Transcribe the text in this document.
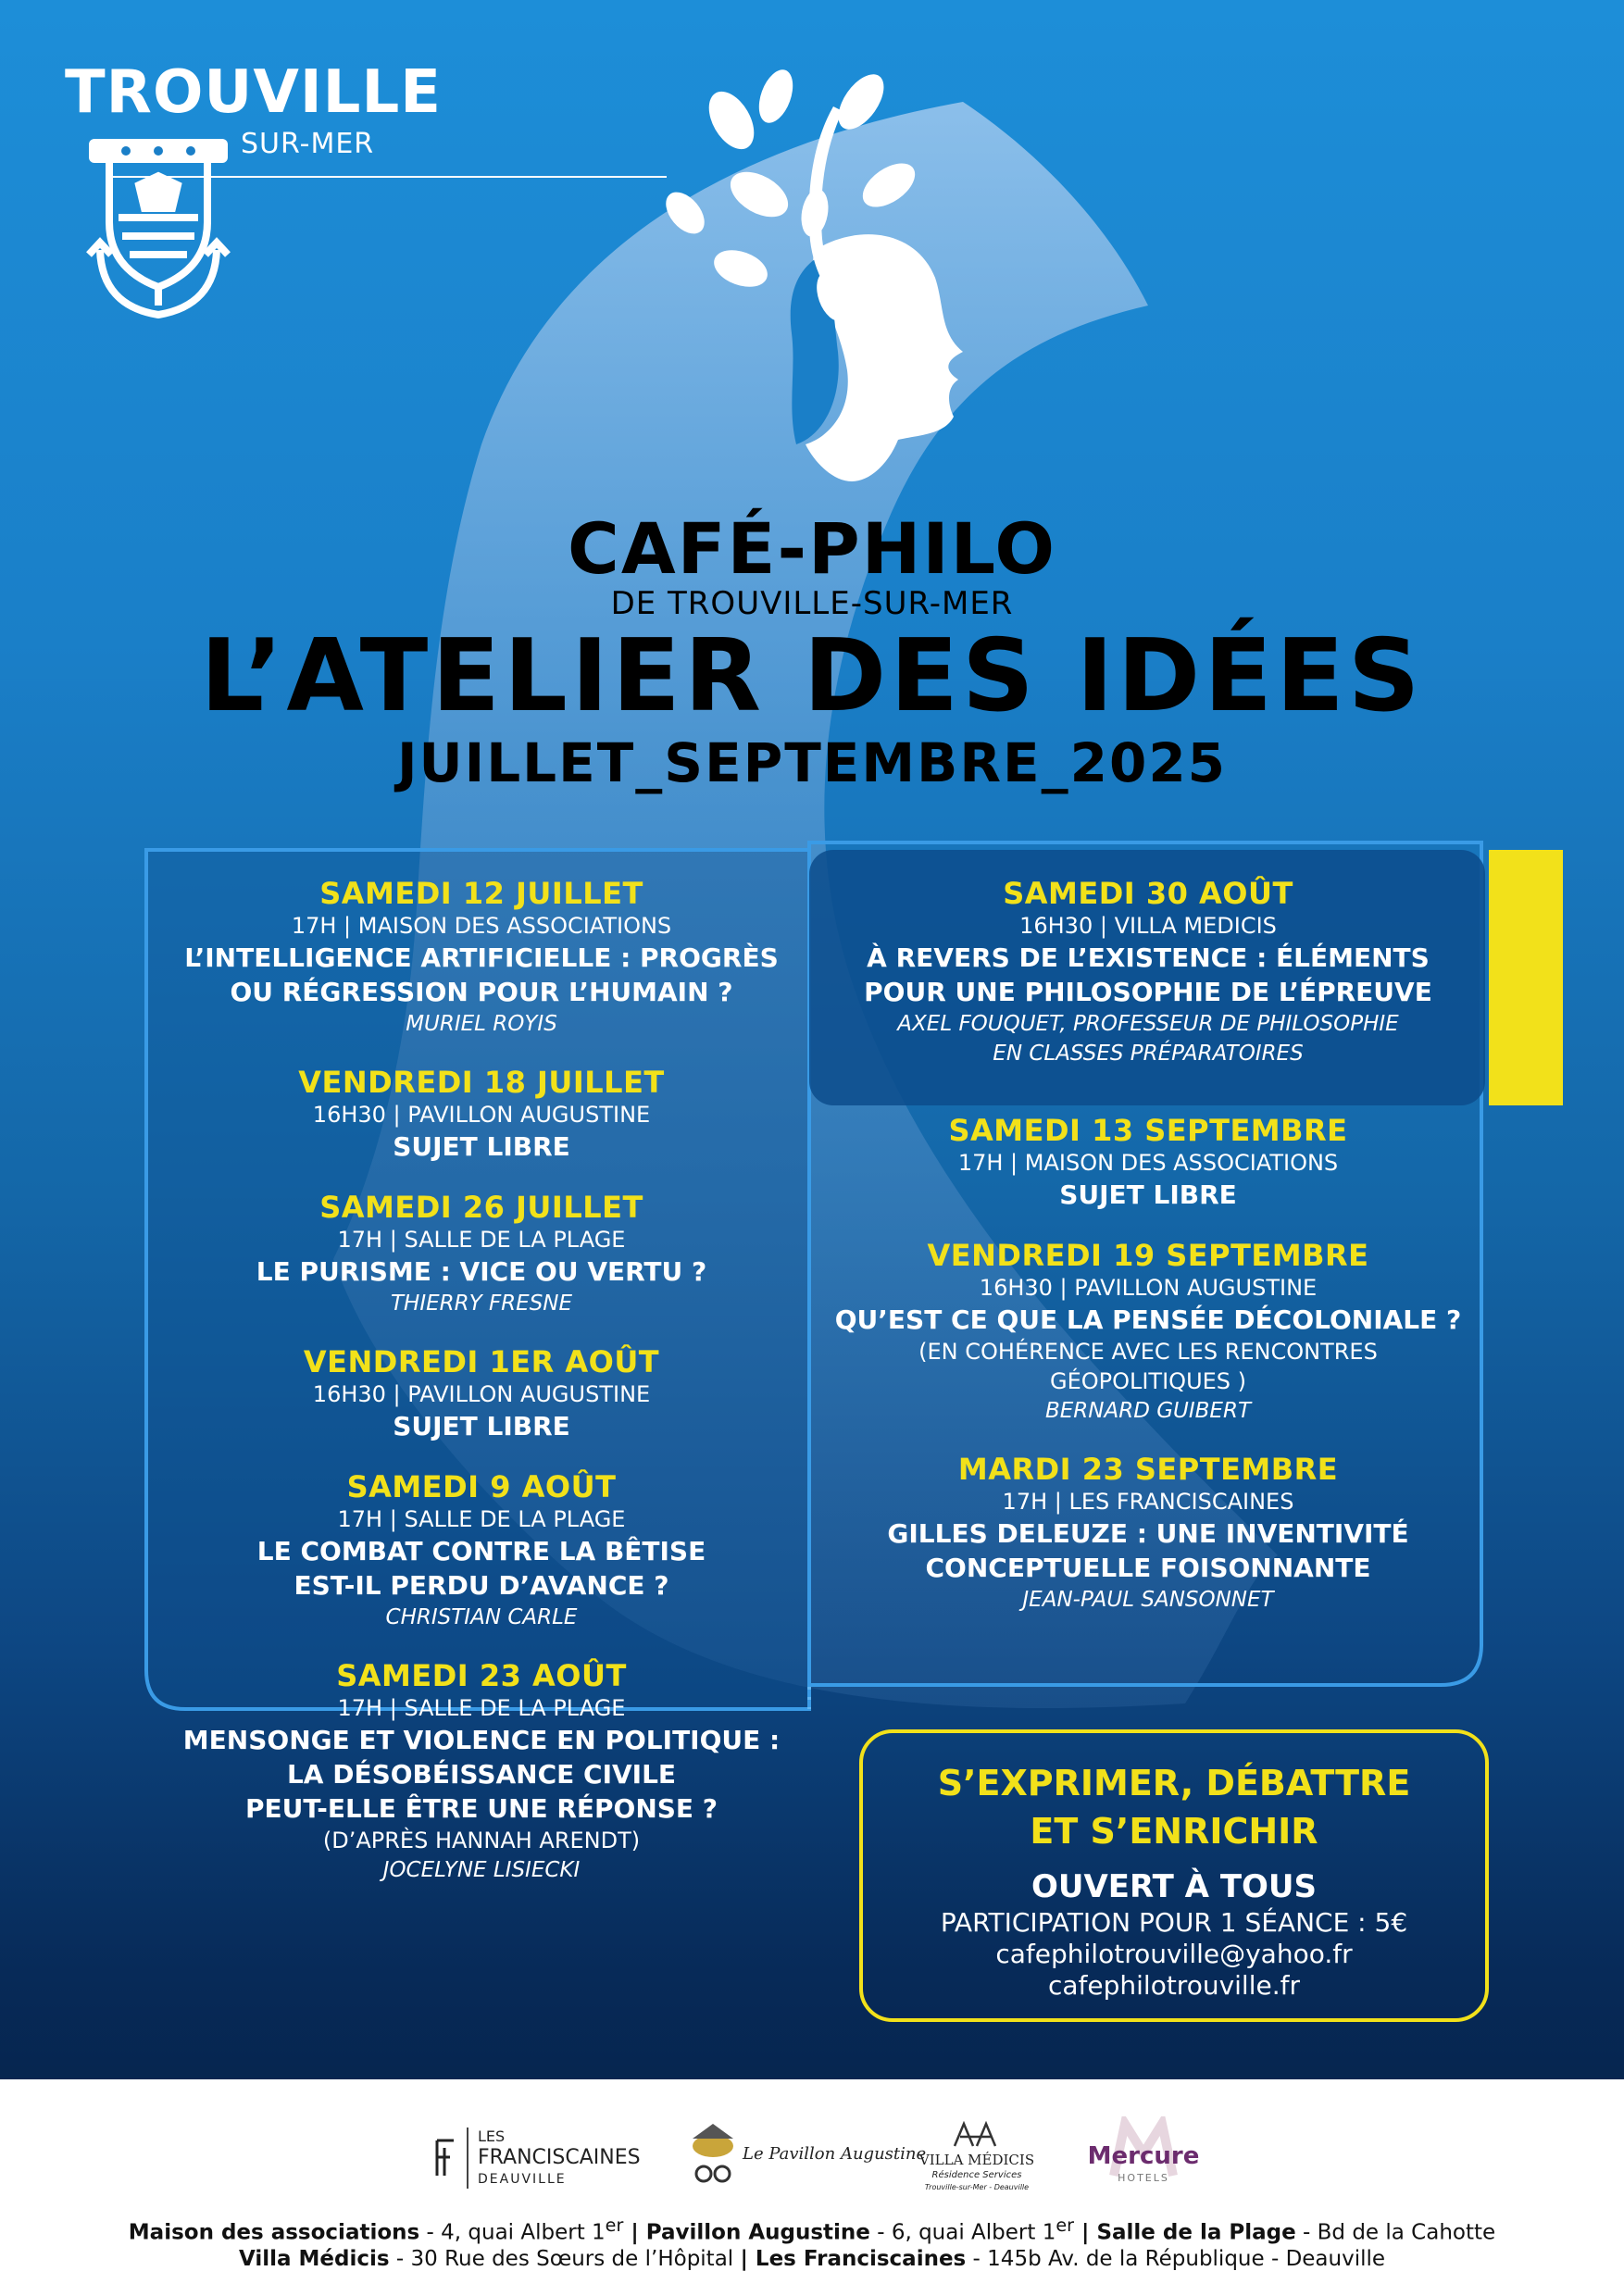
TROUVILLE
SUR-MER
CAFÉ-PHILO
DE TROUVILLE-SUR-MER
L’ATELIER DES IDÉES
JUILLET_SEPTEMBRE_2025
SAMEDI 12 JUILLET
17H | MAISON DES ASSOCIATIONS
L’INTELLIGENCE ARTIFICIELLE : PROGRÈS
OU RÉGRESSION POUR L’HUMAIN ?
MURIEL ROYIS
VENDREDI 18 JUILLET
16H30 | PAVILLON AUGUSTINE
SUJET LIBRE
SAMEDI 26 JUILLET
17H | SALLE DE LA PLAGE
LE PURISME : VICE OU VERTU ?
THIERRY FRESNE
VENDREDI 1ER AOÛT
16H30 | PAVILLON AUGUSTINE
SUJET LIBRE
SAMEDI 9 AOÛT
17H | SALLE DE LA PLAGE
LE COMBAT CONTRE LA BÊTISE
EST-IL PERDU D’AVANCE ?
CHRISTIAN CARLE
SAMEDI 23 AOÛT
17H | SALLE DE LA PLAGE
MENSONGE ET VIOLENCE EN POLITIQUE :
LA DÉSOBÉISSANCE CIVILE
PEUT-ELLE ÊTRE UNE RÉPONSE ?
(D’APRÈS HANNAH ARENDT)
JOCELYNE LISIECKI
SAMEDI 30 AOÛT
16H30 | VILLA MEDICIS
À REVERS DE L’EXISTENCE : ÉLÉMENTS
POUR UNE PHILOSOPHIE DE L’ÉPREUVE
AXEL FOUQUET, PROFESSEUR DE PHILOSOPHIE
EN CLASSES PRÉPARATOIRES
SAMEDI 13 SEPTEMBRE
17H | MAISON DES ASSOCIATIONS
SUJET LIBRE
VENDREDI 19 SEPTEMBRE
16H30 | PAVILLON AUGUSTINE
QU’EST CE QUE LA PENSÉE DÉCOLONIALE ?
(EN COHÉRENCE AVEC LES RENCONTRES
GÉOPOLITIQUES )
BERNARD GUIBERT
MARDI 23 SEPTEMBRE
17H | LES FRANCISCAINES
GILLES DELEUZE : UNE INVENTIVITÉ
CONCEPTUELLE FOISONNANTE
JEAN-PAUL SANSONNET
S’EXPRIMER, DÉBATTRE
ET S’ENRICHIR
OUVERT À TOUS
PARTICIPATION POUR 1 SÉANCE : 5€
cafephilotrouville@yahoo.fr
cafephilotrouville.fr
LES
FRANCISCAINES
DEAUVILLE
Le Pavillon Augustine
VILLA MÉDICIS
Résidence Services
Trouville-sur-Mer - Deauville
Mercure
HOTELS
Maison des associations - 4, quai Albert 1er | Pavillon Augustine - 6, quai Albert 1er | Salle de la Plage - Bd de la Cahotte
Villa Médicis - 30 Rue des Sœurs de l’Hôpital | Les Franciscaines - 145b Av. de la République - Deauville
